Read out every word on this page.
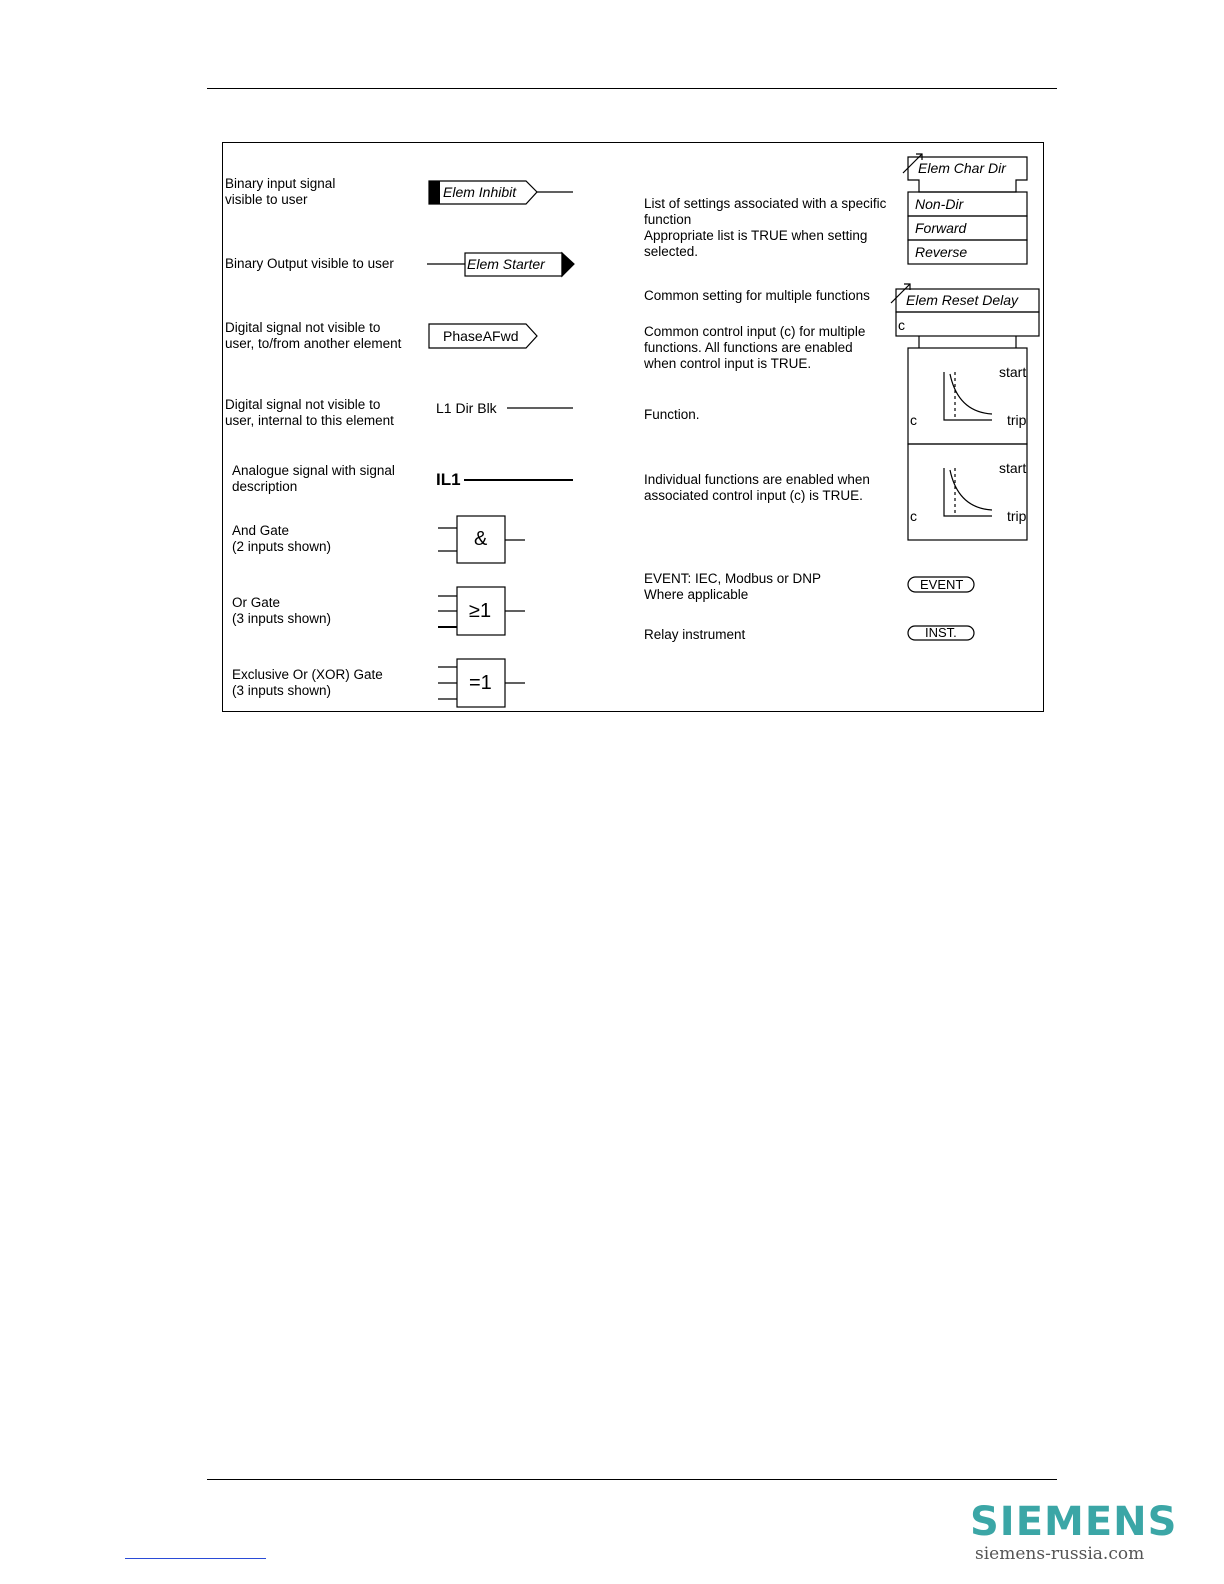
Binary input signal
visible to user
Binary Output visible to user
Digital signal not visible to
user, to/from another element
Digital signal not visible to
user, internal to this element
Analogue signal with signal
description
And Gate
(2 inputs shown)
Or Gate
(3 inputs shown)
Exclusive Or (XOR) Gate
(3 inputs shown)
Elem Inhibit
Elem Starter
PhaseAFwd
L1 Dir Blk
IL1
&
≥1
=1
List of settings associated with a specific
function
Appropriate list is TRUE when setting
selected.
Common setting for multiple functions
Common control input (c) for multiple
functions. All functions are enabled
when control input is TRUE.
Function.
Individual functions are enabled when
associated control input (c) is TRUE.
EVENT: IEC, Modbus or DNP
Where applicable
Relay instrument
Elem Char Dir
Non-Dir
Forward
Reverse
Elem Reset Delay
c
start
trip
c
start
trip
c
EVENT
INST.
SIEMENS
siemens-russia.com
